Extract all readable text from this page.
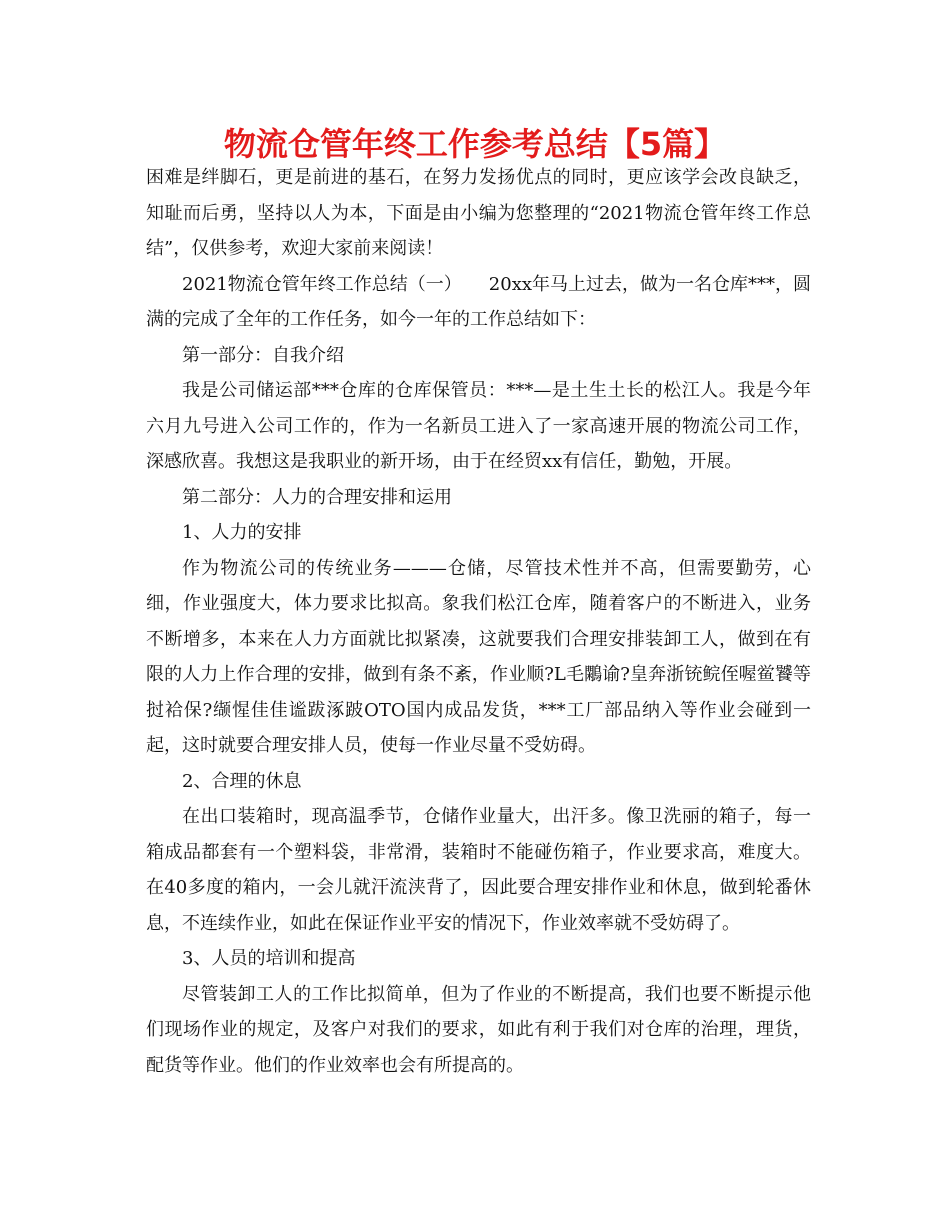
物流仓管年终工作参考总结【5篇】

困难是绊脚石，更是前进的基石，在努力发扬优点的同时，更应该学会改良缺乏，知耻而后勇，坚持以人为本，下面是由小编为您整理的“2021物流仓管年终工作总结”，仅供参考，欢迎大家前来阅读！

2021物流仓管年终工作总结（一）　　20xx年马上过去，做为一名仓库***，圆满的完成了全年的工作任务，如今一年的工作总结如下：

第一部分：自我介绍

我是公司储运部***仓库的仓库保管员：***—是土生土长的松江人。我是今年六月九号进入公司工作的，作为一名新员工进入了一家高速开展的物流公司工作，深感欣喜。我想这是我职业的新开场，由于在经贸xx有信任，勤勉，开展。

第二部分：人力的合理安排和运用

1、人力的安排

作为物流公司的传统业务———仓储，尽管技术性并不高，但需要勤劳，心细，作业强度大，体力要求比拟高。象我们松江仓库，随着客户的不断进入，业务不断增多，本来在人力方面就比拟紧凑，这就要我们合理安排装卸工人，做到在有限的人力上作合理的安排，做到有条不紊，作业顺?L毛鷴谕?皇奔浙铳鲩侄喔鲎饕等挝袷保?缬惺佳佳谧跋涿跛ΟTO国内成品发货，***工厂部品纳入等作业会碰到一起，这时就要合理安排人员，使每一作业尽量不受妨碍。

2、合理的休息

在出口装箱时，现高温季节，仓储作业量大，出汗多。像卫洗丽的箱子，每一箱成品都套有一个塑料袋，非常滑，装箱时不能碰伤箱子，作业要求高，难度大。在40多度的箱内，一会儿就汗流浃背了，因此要合理安排作业和休息，做到轮番休息，不连续作业，如此在保证作业平安的情况下，作业效率就不受妨碍了。

3、人员的培训和提高

尽管装卸工人的工作比拟简单，但为了作业的不断提高，我们也要不断提示他们现场作业的规定，及客户对我们的要求，如此有利于我们对仓库的治理，理货，配货等作业。他们的作业效率也会有所提高的。
